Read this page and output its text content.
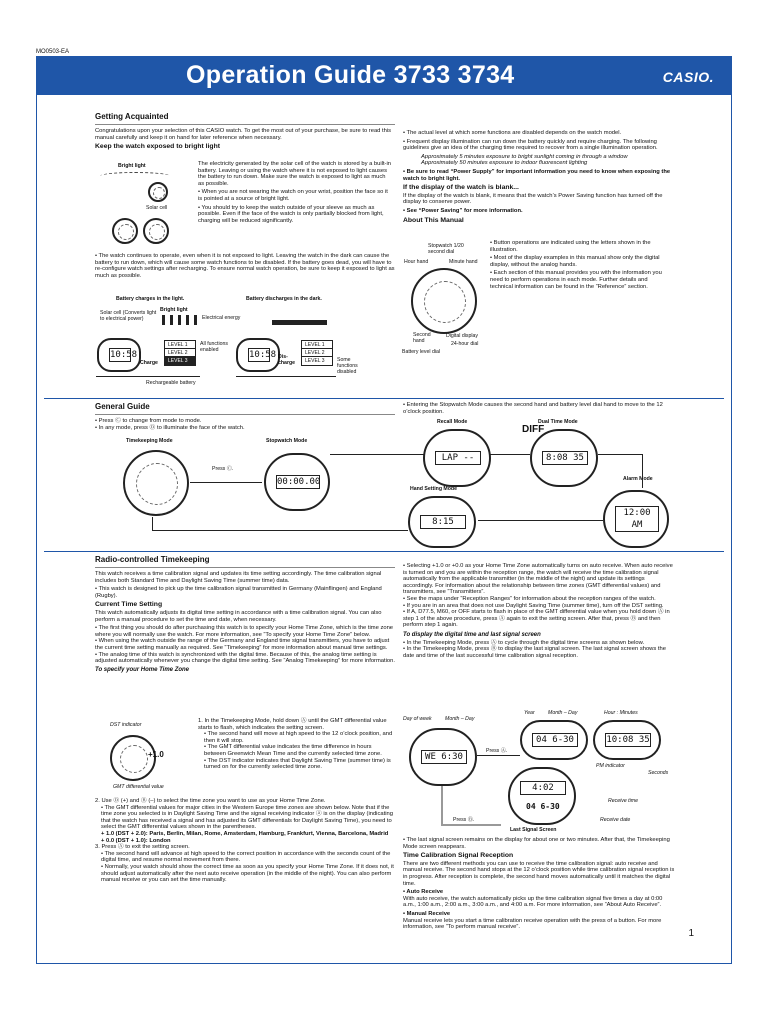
MO0503-EA
Operation Guide 3733 3734	CASIO.
Getting Acquainted

Congratulations upon your selection of this CASIO watch. To get the most out of your purchase, be sure to read this manual carefully and keep it on hand for later reference when necessary.

Keep the watch exposed to bright light

The electricity generated by the solar cell of the watch is stored by a built-in battery. Leaving or using the watch where it is not exposed to light causes the battery to run down. Make sure the watch is exposed to light as much as possible.

• When you are not wearing the watch on your wrist, position the face so it is pointed at a source of bright light.

• You should try to keep the watch outside of your sleeve as much as possible. Even if the face of the watch is only partially blocked from light, charging will be reduced significantly.

Bright light
Solar cell

• The watch continues to operate, even when it is not exposed to light. Leaving the watch in the dark can cause the battery to run down, which will cause some watch functions to be disabled. If the battery goes dead, you will have to re-configure watch settings after recharging. To ensure normal watch operation, be sure to keep it exposed to light as much as possible.

Battery charges in the light.	Battery discharges in the dark.
Solar cell (Converts light to electrical power)
Bright light
Electrical energy
10:58
Charge
LEVEL 1
LEVEL 2
LEVEL 3
All functions enabled
Rechargeable battery
10:58 Dis-charge
LEVEL 1
LEVEL 2
LEVEL 3	Some functions disabled

• The actual level at which some functions are disabled depends on the watch model.

• Frequent display illumination can run down the battery quickly and require charging. The following guidelines give an idea of the charging time required to recover from a single illumination operation.

Approximately 5 minutes exposure to bright sunlight coming in through a window

Approximately 50 minutes exposure to indoor fluorescent lighting

• Be sure to read “Power Supply” for important information you need to know when exposing the watch to bright light.

If the display of the watch is blank...

If the display of the watch is blank, it means that the watch’s Power Saving function has turned off the display to conserve power.

• See “Power Saving” for more information.

About This Manual

• Button operations are indicated using the letters shown in the illustration.

• Most of the display examples in this manual show only the digital display, without the analog hands.

• Each section of this manual provides you with the information you need to perform operations in each mode. Further details and technical information can be found in the “Reference” section.

Stopwatch 1/20 second dial
Hour hand	Minute hand
Second hand
Digital display
24-hour dial
Battery level dial
General Guide

• Press Ⓒ to change from mode to mode.

• In any mode, press Ⓓ to illuminate the face of the watch.

• Entering the Stopwatch Mode causes the second hand and battery level dial hand to move to the 12 o’clock position.

Timekeeping Mode	Stopwatch Mode
Recall Mode	Dual Time Mode
Alarm Mode
Hand Setting Mode
Press Ⓒ.
00:00.00
LAP --	8:08 35
DIFF
12:00 AM
8:15
Radio-controlled Timekeeping

This watch receives a time calibration signal and updates its time setting accordingly. The time calibration signal includes both Standard Time and Daylight Saving Time (summer time) data.

• This watch is designed to pick up the time calibration signal transmitted in Germany (Mainflingen) and England (Rugby).

Current Time Setting

This watch automatically adjusts its digital time setting in accordance with a time calibration signal. You can also perform a manual procedure to set the time and date, when necessary.

• The first thing you should do after purchasing this watch is to specify your Home Time Zone, which is the time zone where you will normally use the watch. For more information, see “To specify your Home Time Zone” below.

• When using the watch outside the range of the Germany and England time signal transmitters, you have to adjust the current time setting manually as required. See “Timekeeping” for more information about manual time settings.

• The analog time of this watch is synchronized with the digital time. Because of this, the analog time setting is adjusted automatically whenever you change the digital time setting. See “Analog Timekeeping” for more information.

To specify your Home Time Zone

1. In the Timekeeping Mode, hold down Ⓐ until the GMT differential value starts to flash, which indicates the setting screen.

• The second hand will move at high speed to the 12 o’clock position, and then it will stop.

• The GMT differential value indicates the time difference in hours between Greenwich Mean Time and the currently selected time zone.

• The DST indicator indicates that Daylight Saving Time (summer time) is turned on for the currently selected time zone.

DST indicator
+1.0
GMT differential value

2. Use Ⓓ (+) and Ⓑ (–) to select the time zone you want to use as your Home Time Zone.

• The GMT differential values for major cities in the Western Europe time zones are shown below. Note that if the time zone you selected is in Daylight Saving Time and the signal receiving indicator ⓐ is on the display (indicating that the watch has received a signal and has adjusted its GMT differentials for Daylight Saving Time), you need to select the GMT differential values shown in the parentheses.

+ 1.0 (DST + 2.0): Paris, Berlin, Milan, Rome, Amsterdam, Hamburg, Frankfurt, Vienna, Barcelona, Madrid

+ 0.0 (DST + 1.0): London

3. Press Ⓐ to exit the setting screen.

• The second hand will advance at high speed to the correct position in accordance with the seconds count of the digital time, and resume normal movement from there.

• Normally, your watch should show the correct time as soon as you specify your Home Time Zone. If it does not, it should adjust automatically after the next auto receive operation (in the middle of the night). You can also perform manual receive or you can set the time manually.

• Selecting +1.0 or +0.0 as your Home Time Zone automatically turns on auto receive. When auto receive is turned on and you are within the reception range, the watch will receive the time calibration signal automatically from the applicable transmitter (in the middle of the night) and update its settings accordingly. For information about the relationship between time zones (GMT differential values) and transmitters, see “Transmitters”.

• See the maps under “Reception Ranges” for information about the reception ranges of the watch.

• If you are in an area that does not use Daylight Saving Time (summer time), turn off the DST setting.

• If A, D77.5, M60, or OFF starts to flash in place of the GMT differential value when you hold down Ⓐ in step 1 of the above procedure, press Ⓐ again to exit the setting screen. After that, press Ⓑ and then perform step 1 again.

To display the digital time and last signal screen

• In the Timekeeping Mode, press Ⓐ to cycle through the digital time screens as shown below.

• In the Timekeeping Mode, press Ⓑ to display the last signal screen. The last signal screen shows the date and time of the last successful time calibration signal reception.

Day of week	Month – Day
Year	Month – Day	Hour : Minutes
WE 6:30
04 6-30	10:08 35
PM indicator
Seconds
Press Ⓐ.
4:02
04 6-30
Receive time
Receive date
Press Ⓑ.
Last Signal Screen

• The last signal screen remains on the display for about one or two minutes. After that, the Timekeeping Mode screen reappears.

Time Calibration Signal Reception

There are two different methods you can use to receive the time calibration signal: auto receive and manual receive. The second hand stops at the 12 o’clock position while time calibration signal reception is in progress. After reception is complete, the second hand moves automatically until it matches the digital time.

• Auto Receive

With auto receive, the watch automatically picks up the time calibration signal five times a day at 0:00 a.m., 1:00 a.m., 2:00 a.m., 3:00 a.m., and 4:00 a.m. For more information, see “About Auto Receive”.

• Manual Receive

Manual receive lets you start a time calibration receive operation with the press of a button. For more information, see “To perform manual receive”.

1
